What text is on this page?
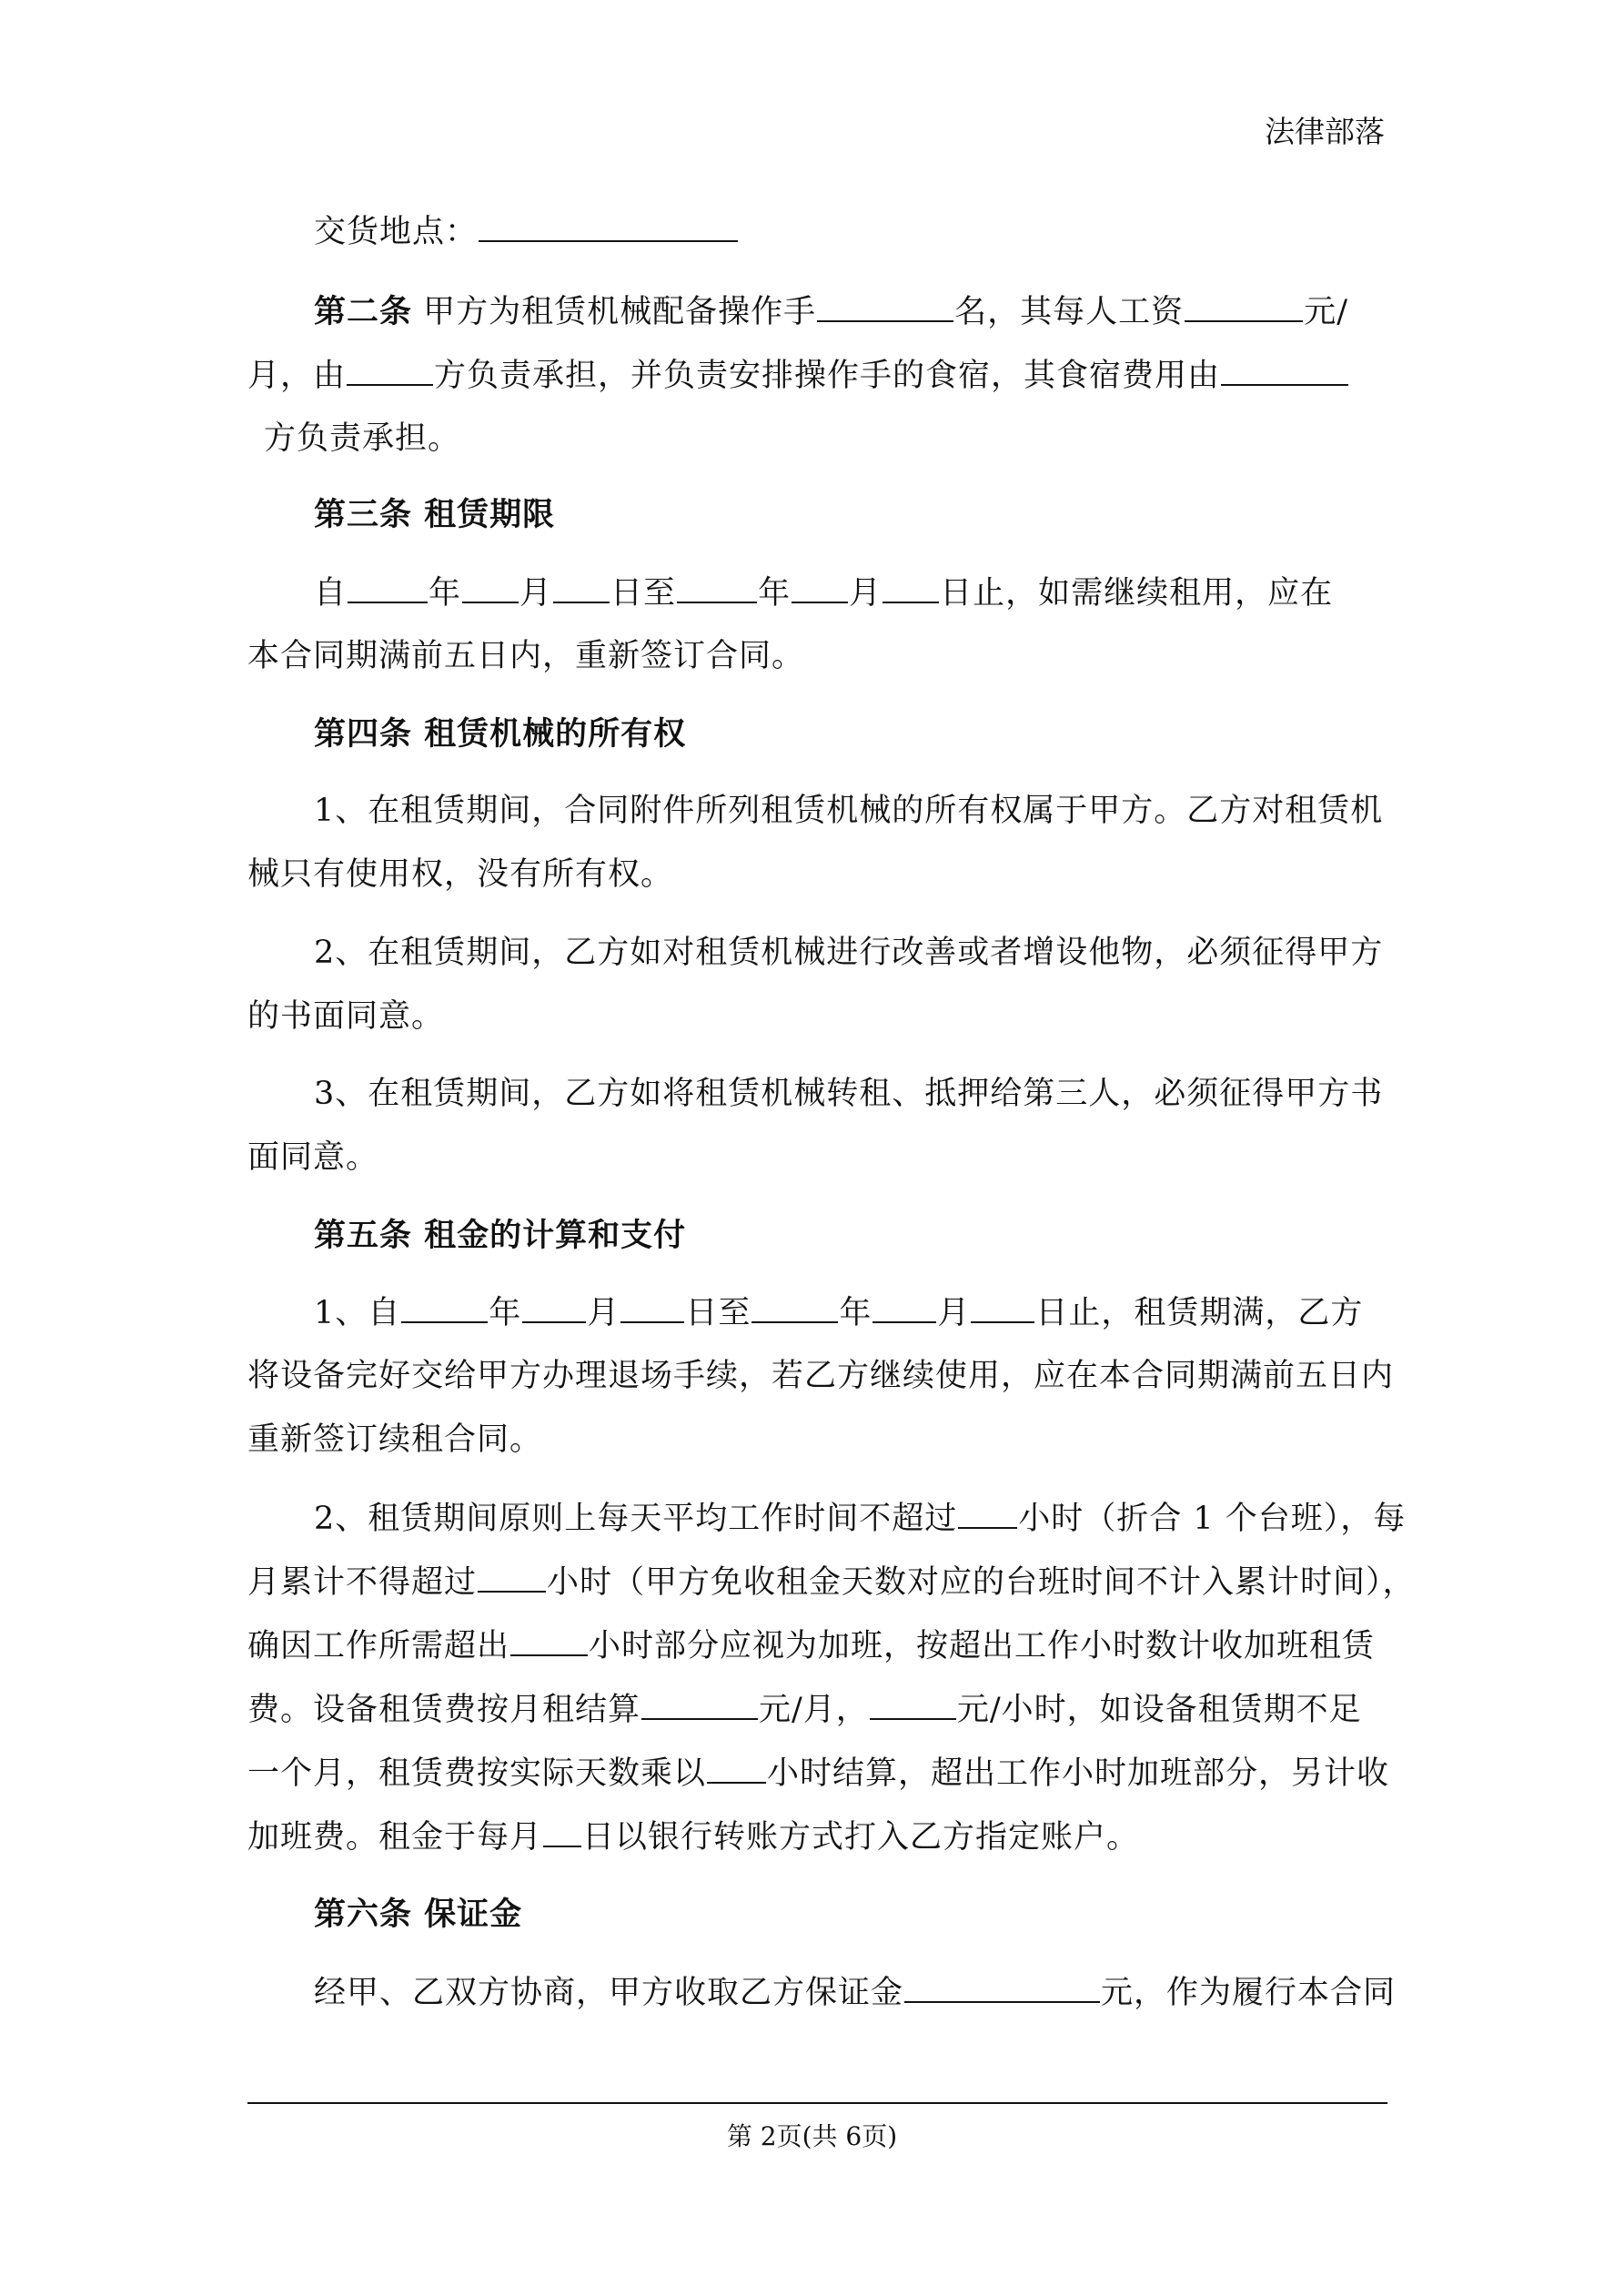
法律部落
交货地点：
第二条 甲方为租赁机械配备操作手	名，其每人工资	元/
月，由	方负责承担，并负责安排操作手的食宿，其食宿费用由
方负责承担。
第三条 租赁期限
自	年 月 日至	年 月 日止，如需继续租用，应在
本合同期满前五日内，重新签订合同。
第四条 租赁机械的所有权
1、在租赁期间，合同附件所列租赁机械的所有权属于甲方。乙方对租赁机
械只有使用权，没有所有权。
2、在租赁期间，乙方如对租赁机械进行改善或者增设他物，必须征得甲方
的书面同意。
3、在租赁期间，乙方如将租赁机械转租、抵押给第三人，必须征得甲方书
面同意。
第五条 租金的计算和支付
1、自	年 月 日至	年 月 日止，租赁期满，乙方
将设备完好交给甲方办理退场手续，若乙方继续使用，应在本合同期满前五日内
重新签订续租合同。
2、租赁期间原则上每天平均工作时间不超过 小时（折合 1 个台班），每
月累计不得超过 小时（甲方免收租金天数对应的台班时间不计入累计时间），
确因工作所需超出 小时部分应视为加班，按超出工作小时数计收加班租赁
费。设备租赁费按月租结算	元/月，	元/小时，如设备租赁期不足
一个月，租赁费按实际天数乘以 小时结算，超出工作小时加班部分，另计收
加班费。租金于每月 日以银行转账方式打入乙方指定账户。
第六条 保证金
经甲、乙双方协商，甲方收取乙方保证金	元，作为履行本合同
第 2页(共 6页)
